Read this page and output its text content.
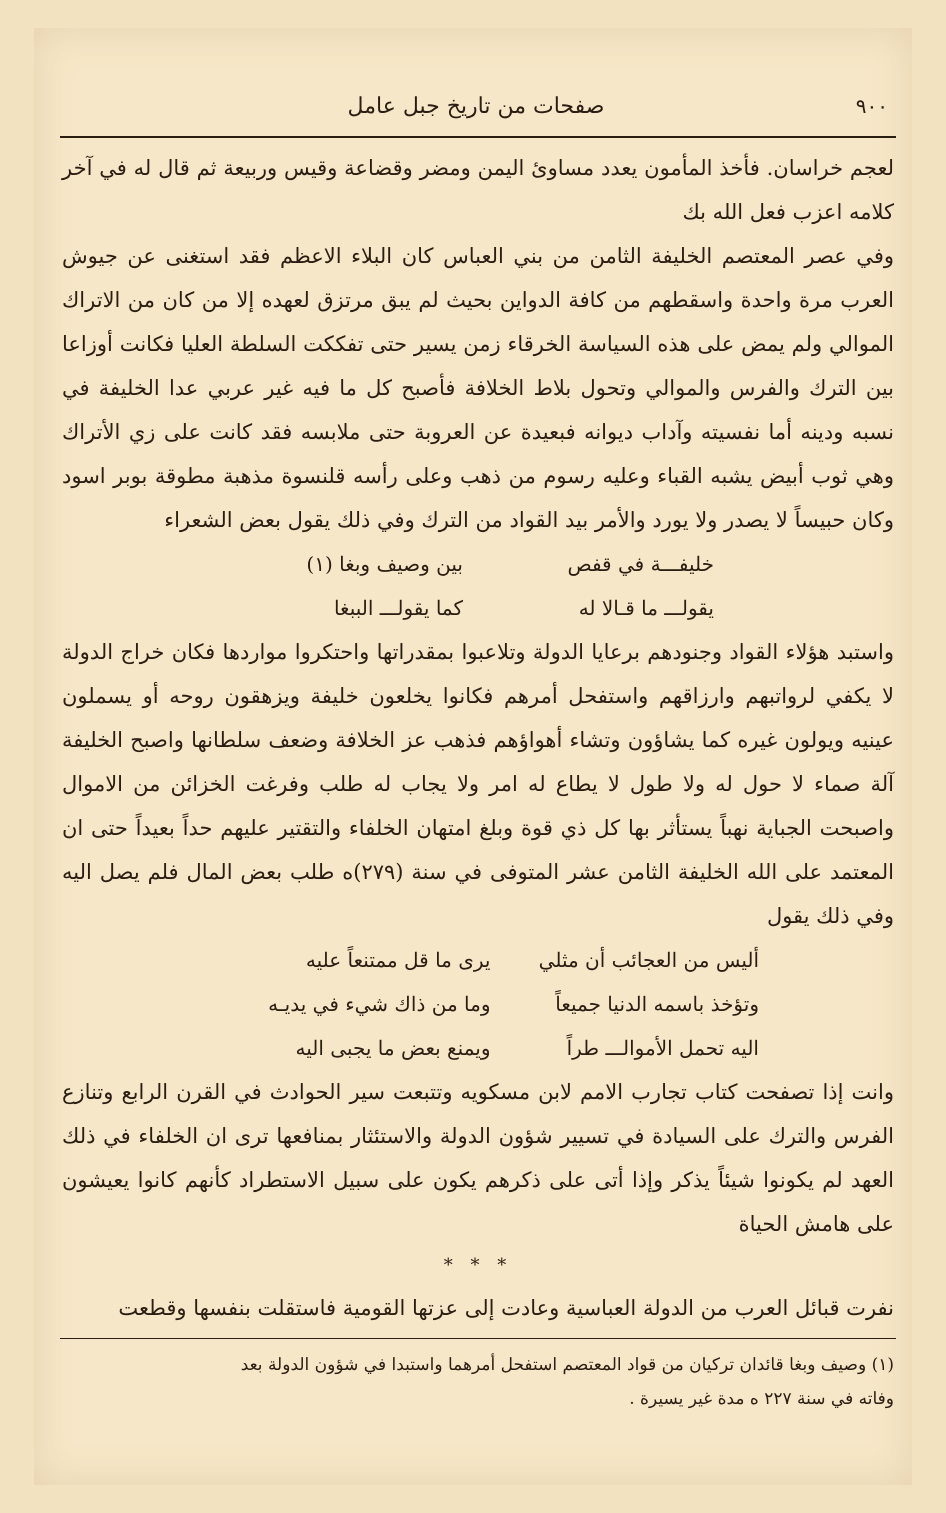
٩٠٠
صفحات من تاريخ جبل عامل

لعجم خراسان. فأخذ المأمون يعدد مساوئ اليمن ومضر وقضاعة وقيس وربيعة ثم قال له في آخر كلامه اعزب فعل الله بك

وفي عصر المعتصم الخليفة الثامن من بني العباس كان البلاء الاعظم فقد استغنى عن جيوش العرب مرة واحدة واسقطهم من كافة الدواين بحيث لم يبق مرتزق لعهده إلا من كان من الاتراك الموالي ولم يمض على هذه السياسة الخرقاء زمن يسير حتى تفككت السلطة العليا فكانت أوزاعا بين الترك والفرس والموالي وتحول بلاط الخلافة فأصبح كل ما فيه غير عربي عدا الخليفة في نسبه ودينه أما نفسيته وآداب ديوانه فبعيدة عن العروبة حتى ملابسه فقد كانت على زي الأتراك وهي ثوب أبيض يشبه القباء وعليه رسوم من ذهب وعلى رأسه قلنسوة مذهبة مطوقة بوبر اسود وكان حبيساً لا يصدر ولا يورد والأمر بيد القواد من الترك وفي ذلك يقول بعض الشعراء

خليفـــة في قفص
بين وصيف وبغا (١)
يقولـــ ما قـالا له
كما يقولـــ الببغا

واستبد هؤلاء القواد وجنودهم برعايا الدولة وتلاعبوا بمقدراتها واحتكروا مواردها فكان خراج الدولة لا يكفي لرواتبهم وارزاقهم واستفحل أمرهم فكانوا يخلعون خليفة ويزهقون روحه أو يسملون عينيه ويولون غيره كما يشاؤون وتشاء أهواؤهم فذهب عز الخلافة وضعف سلطانها واصبح الخليفة آلة صماء لا حول له ولا طول لا يطاع له امر ولا يجاب له طلب وفرغت الخزائن من الاموال واصبحت الجباية نهباً يستأثر بها كل ذي قوة وبلغ امتهان الخلفاء والتقتير عليهم حداً بعيداً حتى ان المعتمد على الله الخليفة الثامن عشر المتوفى في سنة (٢٧٩)ه طلب بعض المال فلم يصل اليه وفي ذلك يقول

أليس من العجائب أن مثلي
يرى ما قل ممتنعاً عليه
وتؤخذ باسمه الدنيا جميعاً
وما من ذاك شيء في يديـه
اليه تحمل الأموالـــ طراً
ويمنع بعض ما يجبى اليه

وانت إذا تصفحت كتاب تجارب الامم لابن مسكويه وتتبعت سير الحوادث في القرن الرابع وتنازع الفرس والترك على السيادة في تسيير شؤون الدولة والاستئثار بمنافعها ترى ان الخلفاء في ذلك العهد لم يكونوا شيئاً يذكر وإذا أتى على ذكرهم يكون على سبيل الاستطراد كأنهم كانوا يعيشون على هامش الحياة

* * *

نفرت قبائل العرب من الدولة العباسية وعادت إلى عزتها القومية فاستقلت بنفسها وقطعت

(١) وصيف وبغا قائدان تركيان من قواد المعتصم استفحل أمرهما واستبدا في شؤون الدولة بعد

وفاته في سنة ٢٢٧ ه مدة غير يسيرة .
